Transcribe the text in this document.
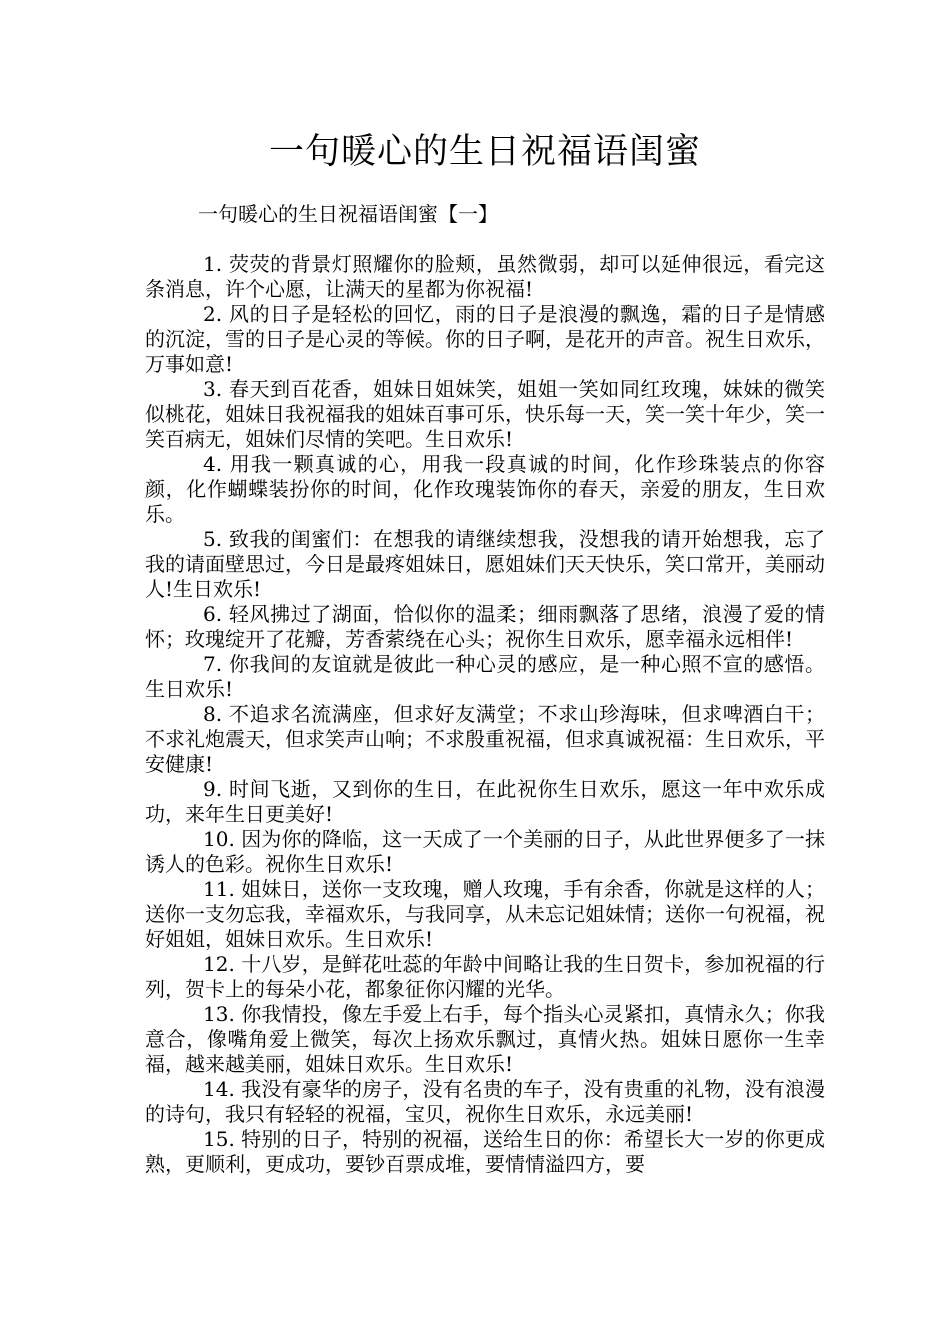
一句暖心的生日祝福语闺蜜

一句暖心的生日祝福语闺蜜【一】

1. 荧荧的背景灯照耀你的脸颊，虽然微弱，却可以延伸很远，看完这条消息，许个心愿，让满天的星都为你祝福!

2. 风的日子是轻松的回忆，雨的日子是浪漫的飘逸，霜的日子是情感的沉淀，雪的日子是心灵的等候。你的日子啊，是花开的声音。祝生日欢乐，万事如意!

3. 春天到百花香，姐妹日姐妹笑，姐姐一笑如同红玫瑰，妹妹的微笑似桃花，姐妹日我祝福我的姐妹百事可乐，快乐每一天，笑一笑十年少，笑一笑百病无，姐妹们尽情的笑吧。生日欢乐!

4. 用我一颗真诚的心，用我一段真诚的时间，化作珍珠装点的你容颜，化作蝴蝶装扮你的时间，化作玫瑰装饰你的春天，亲爱的朋友，生日欢乐。

5. 致我的闺蜜们：在想我的请继续想我，没想我的请开始想我，忘了我的请面壁思过，今日是最疼姐妹日，愿姐妹们天天快乐，笑口常开，美丽动人!生日欢乐!

6. 轻风拂过了湖面，恰似你的温柔；细雨飘落了思绪，浪漫了爱的情怀；玫瑰绽开了花瓣，芳香萦绕在心头；祝你生日欢乐，愿幸福永远相伴!

7. 你我间的友谊就是彼此一种心灵的感应，是一种心照不宣的感悟。生日欢乐!

8. 不追求名流满座，但求好友满堂；不求山珍海味，但求啤酒白干；不求礼炮震天，但求笑声山响；不求殷重祝福，但求真诚祝福：生日欢乐，平安健康!

9. 时间飞逝，又到你的生日，在此祝你生日欢乐，愿这一年中欢乐成功，来年生日更美好!

10. 因为你的降临，这一天成了一个美丽的日子，从此世界便多了一抹诱人的色彩。祝你生日欢乐!

11. 姐妹日，送你一支玫瑰，赠人玫瑰，手有余香，你就是这样的人；送你一支勿忘我，幸福欢乐，与我同享，从未忘记姐妹情；送你一句祝福，祝好姐姐，姐妹日欢乐。生日欢乐!

12. 十八岁，是鲜花吐蕊的年龄中间略让我的生日贺卡，参加祝福的行列，贺卡上的每朵小花，都象征你闪耀的光华。

13. 你我情投，像左手爱上右手，每个指头心灵紧扣，真情永久；你我意合，像嘴角爱上微笑，每次上扬欢乐飘过，真情火热。姐妹日愿你一生幸福，越来越美丽，姐妹日欢乐。生日欢乐!

14. 我没有豪华的房子，没有名贵的车子，没有贵重的礼物，没有浪漫的诗句，我只有轻轻的祝福，宝贝，祝你生日欢乐，永远美丽!

15. 特别的日子，特别的祝福，送给生日的你：希望长大一岁的你更成熟，更顺利，更成功，要钞百票成堆，要情情溢四方，要
